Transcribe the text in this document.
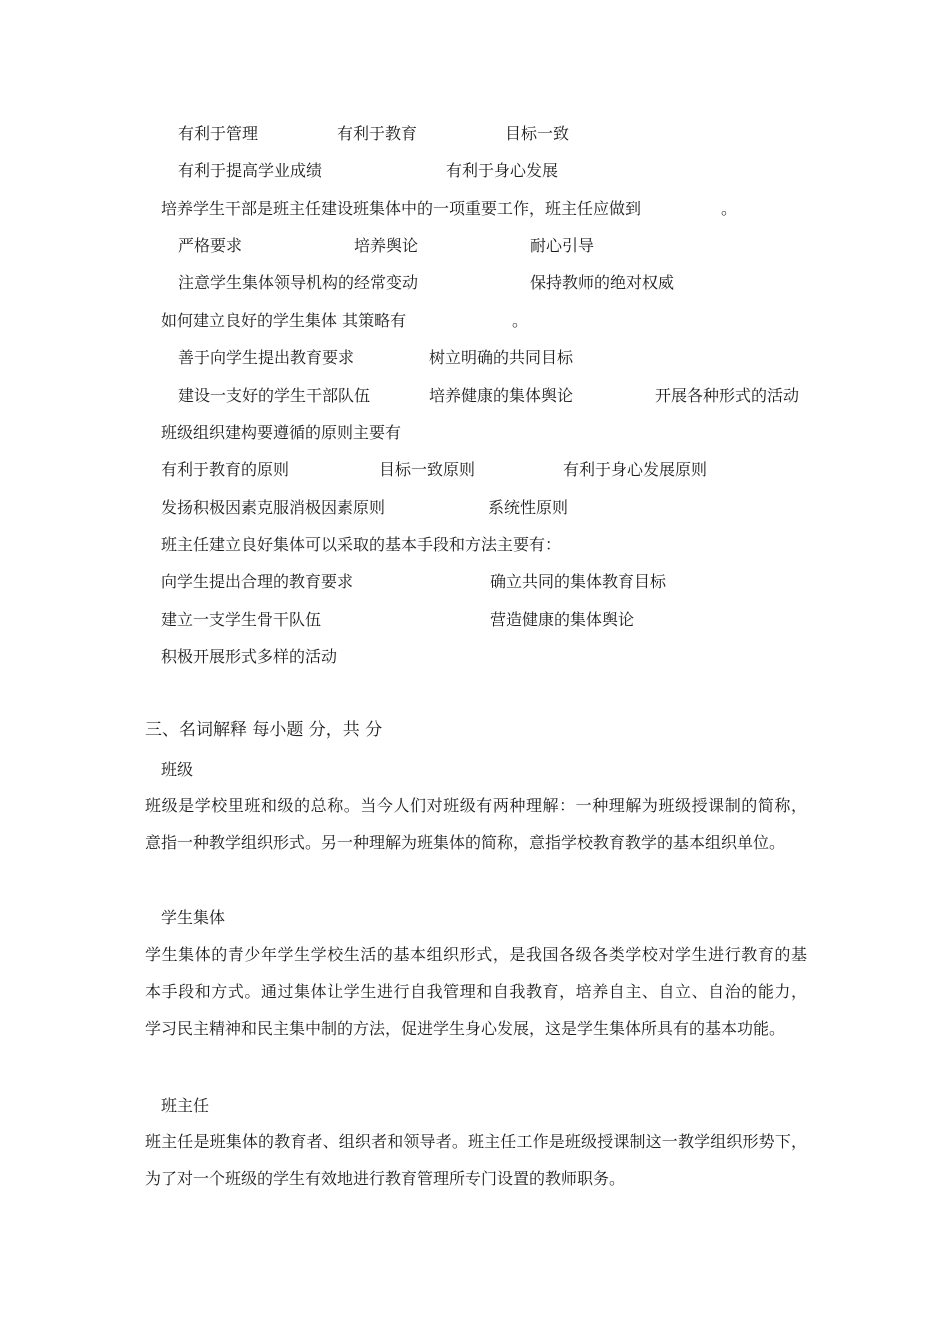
有利于管理	有利于教育	目标一致
有利于提高学业成绩	有利于身心发展
培养学生干部是班主任建设班集体中的一项重要工作，班主任应做到	。
严格要求	培养舆论	耐心引导
注意学生集体领导机构的经常变动	保持教师的绝对权威
如何建立良好的学生集体 其策略有	。
善于向学生提出教育要求	树立明确的共同目标
建设一支好的学生干部队伍	培养健康的集体舆论	开展各种形式的活动
班级组织建构要遵循的原则主要有
有利于教育的原则	目标一致原则	有利于身心发展原则
发扬积极因素克服消极因素原则	系统性原则
班主任建立良好集体可以采取的基本手段和方法主要有：
向学生提出合理的教育要求	确立共同的集体教育目标
建立一支学生骨干队伍	营造健康的集体舆论
积极开展形式多样的活动
三、名词解释 每小题 分，共 分
班级
班级是学校里班和级的总称。当今人们对班级有两种理解：一种理解为班级授课制的简称，
意指一种教学组织形式。另一种理解为班集体的简称，意指学校教育教学的基本组织单位。
学生集体
学生集体的青少年学生学校生活的基本组织形式，是我国各级各类学校对学生进行教育的基
本手段和方式。通过集体让学生进行自我管理和自我教育，培养自主、自立、自治的能力，
学习民主精神和民主集中制的方法，促进学生身心发展，这是学生集体所具有的基本功能。
班主任
班主任是班集体的教育者、组织者和领导者。班主任工作是班级授课制这一教学组织形势下，
为了对一个班级的学生有效地进行教育管理所专门设置的教师职务。
